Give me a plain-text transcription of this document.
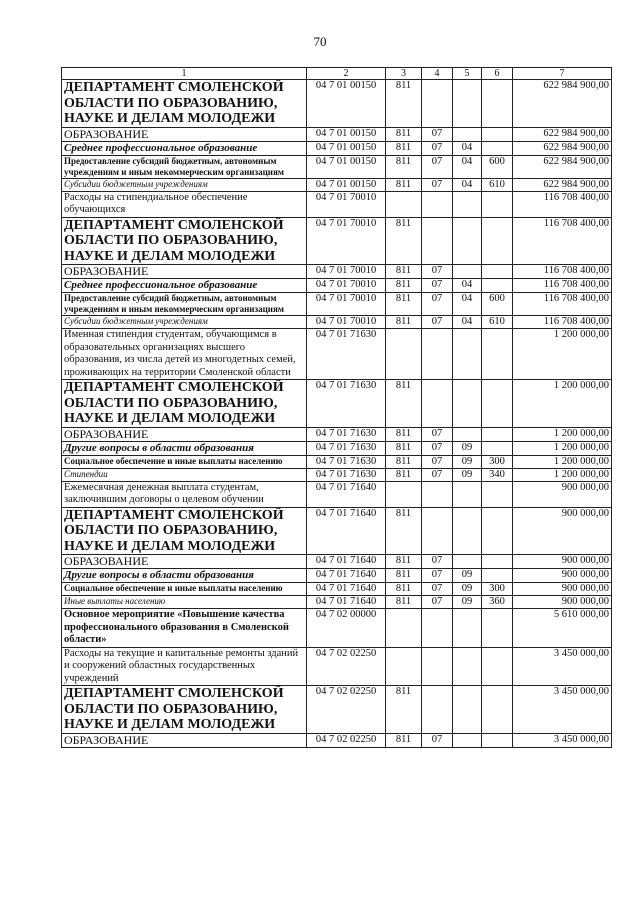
70
1	2	3	4	5	6	7
ДЕПАРТАМЕНТ СМОЛЕНСКОЙ ОБЛАСТИ ПО ОБРАЗОВАНИЮ, НАУКЕ И ДЕЛАМ МОЛОДЕЖИ	04 7 01 00150	811				622 984 900,00
ОБРАЗОВАНИЕ	04 7 01 00150	811	07			622 984 900,00
Среднее профессиональное образование	04 7 01 00150	811	07	04		622 984 900,00
Предоставление субсидий бюджетным, автономным учреждениям и иным некоммерческим организациям	04 7 01 00150	811	07	04	600	622 984 900,00
Субсидии бюджетным учреждениям	04 7 01 00150	811	07	04	610	622 984 900,00
Расходы на стипендиальное обеспечение обучающихся	04 7 01 70010					116 708 400,00
ДЕПАРТАМЕНТ СМОЛЕНСКОЙ ОБЛАСТИ ПО ОБРАЗОВАНИЮ, НАУКЕ И ДЕЛАМ МОЛОДЕЖИ	04 7 01 70010	811				116 708 400,00
ОБРАЗОВАНИЕ	04 7 01 70010	811	07			116 708 400,00
Среднее профессиональное образование	04 7 01 70010	811	07	04		116 708 400,00
Предоставление субсидий бюджетным, автономным учреждениям и иным некоммерческим организациям	04 7 01 70010	811	07	04	600	116 708 400,00
Субсидии бюджетным учреждениям	04 7 01 70010	811	07	04	610	116 708 400,00
Именная стипендия студентам, обучающимся в образовательных организациях высшего образования, из числа детей из многодетных семей, проживающих на территории Смоленской области	04 7 01 71630					1 200 000,00
ДЕПАРТАМЕНТ СМОЛЕНСКОЙ ОБЛАСТИ ПО ОБРАЗОВАНИЮ, НАУКЕ И ДЕЛАМ МОЛОДЕЖИ	04 7 01 71630	811				1 200 000,00
ОБРАЗОВАНИЕ	04 7 01 71630	811	07			1 200 000,00
Другие вопросы в области образования	04 7 01 71630	811	07	09		1 200 000,00
Социальное обеспечение и иные выплаты населению	04 7 01 71630	811	07	09	300	1 200 000,00
Стипендии	04 7 01 71630	811	07	09	340	1 200 000,00
Ежемесячная денежная выплата студентам, заключившим договоры о целевом обучении	04 7 01 71640					900 000,00
ДЕПАРТАМЕНТ СМОЛЕНСКОЙ ОБЛАСТИ ПО ОБРАЗОВАНИЮ, НАУКЕ И ДЕЛАМ МОЛОДЕЖИ	04 7 01 71640	811				900 000,00
ОБРАЗОВАНИЕ	04 7 01 71640	811	07			900 000,00
Другие вопросы в области образования	04 7 01 71640	811	07	09		900 000,00
Социальное обеспечение и иные выплаты населению	04 7 01 71640	811	07	09	300	900 000,00
Иные выплаты населению	04 7 01 71640	811	07	09	360	900 000,00
Основное мероприятие «Повышение качества профессионального образования в Смоленской области»	04 7 02 00000					5 610 000,00
Расходы на текущие и капитальные ремонты зданий и сооружений областных государственных учреждений	04 7 02 02250					3 450 000,00
ДЕПАРТАМЕНТ СМОЛЕНСКОЙ ОБЛАСТИ ПО ОБРАЗОВАНИЮ, НАУКЕ И ДЕЛАМ МОЛОДЕЖИ	04 7 02 02250	811				3 450 000,00
ОБРАЗОВАНИЕ	04 7 02 02250	811	07			3 450 000,00
